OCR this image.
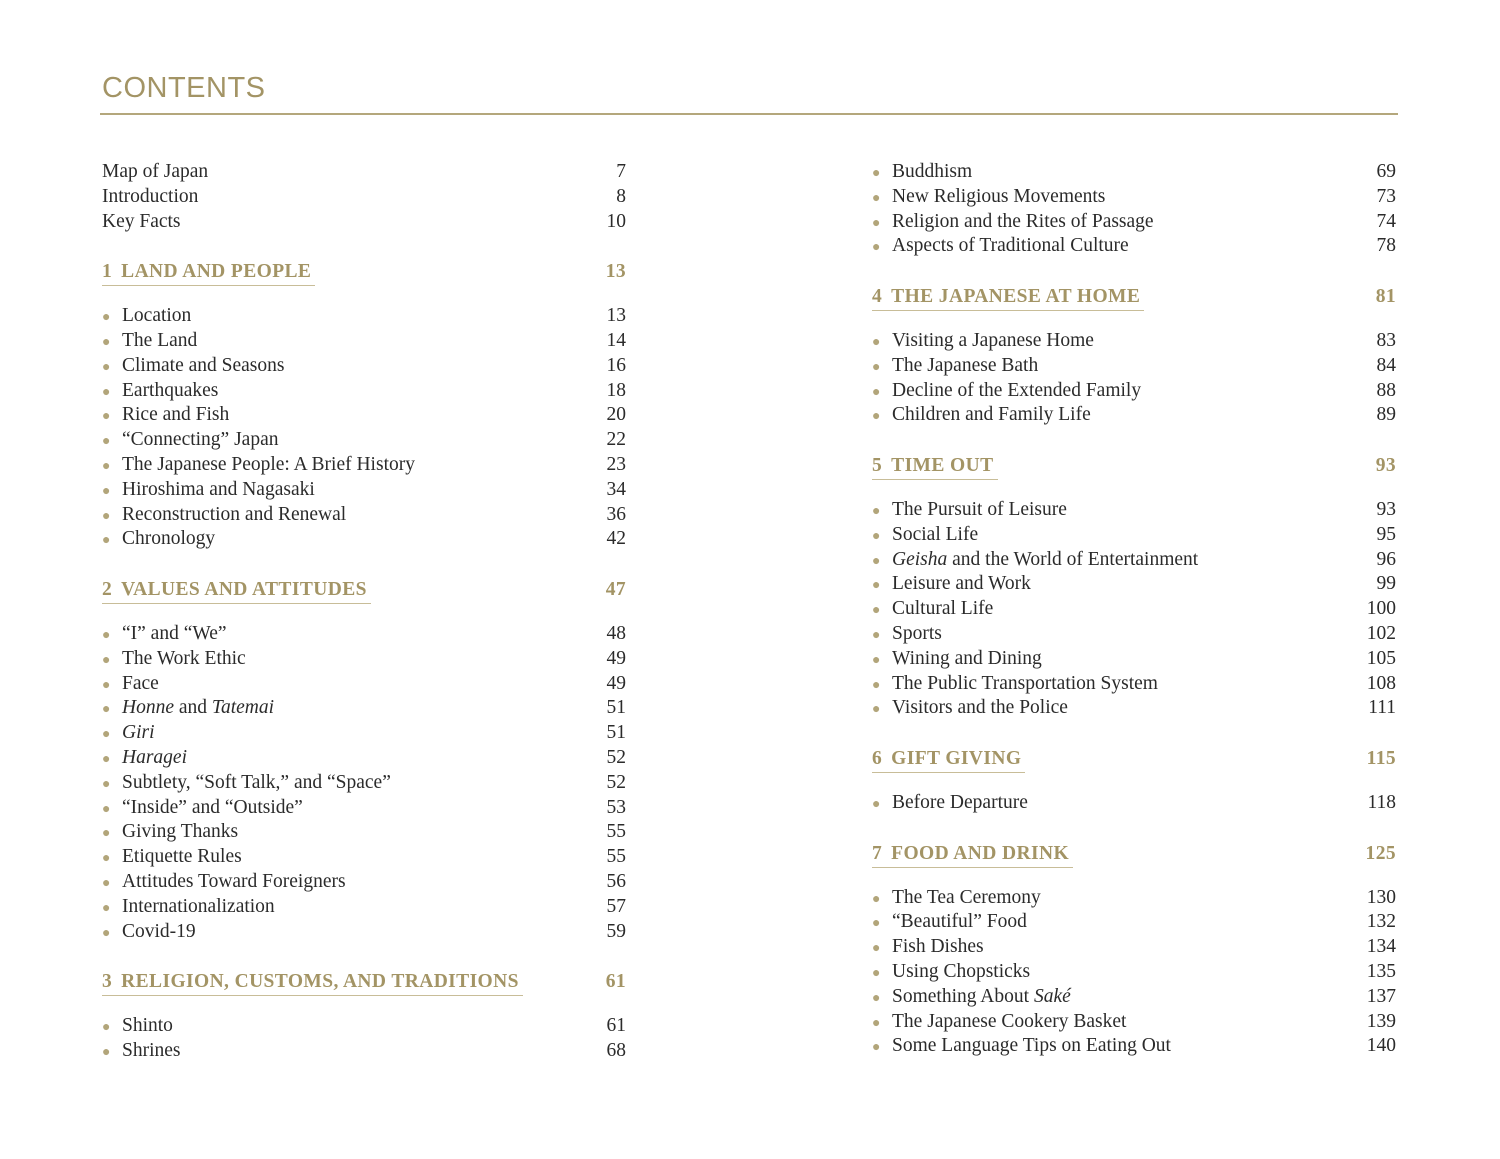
CONTENTS
Map of Japan	7
Introduction	8
Key Facts	10
1 LAND AND PEOPLE	13
● Location	13
● The Land	14
● Climate and Seasons	16
● Earthquakes	18
● Rice and Fish	20
● “Connecting” Japan	22
● The Japanese People: A Brief History	23
● Hiroshima and Nagasaki	34
● Reconstruction and Renewal	36
● Chronology	42
2 VALUES AND ATTITUDES	47
● “I” and “We”	48
● The Work Ethic	49
● Face	49
● Honne and Tatemai	51
● Giri	51
● Haragei	52
● Subtlety, “Soft Talk,” and “Space”	52
● “Inside” and “Outside”	53
● Giving Thanks	55
● Etiquette Rules	55
● Attitudes Toward Foreigners	56
● Internationalization	57
● Covid-19	59
3 RELIGION, CUSTOMS, AND TRADITIONS	61
● Shinto	61
● Shrines	68
● Buddhism	69
● New Religious Movements	73
● Religion and the Rites of Passage	74
● Aspects of Traditional Culture	78
4 THE JAPANESE AT HOME	81
● Visiting a Japanese Home	83
● The Japanese Bath	84
● Decline of the Extended Family	88
● Children and Family Life	89
5 TIME OUT	93
● The Pursuit of Leisure	93
● Social Life	95
● Geisha and the World of Entertainment	96
● Leisure and Work	99
● Cultural Life	100
● Sports	102
● Wining and Dining	105
● The Public Transportation System	108
● Visitors and the Police	111
6 GIFT GIVING	115
● Before Departure	118
7 FOOD AND DRINK	125
● The Tea Ceremony	130
● “Beautiful” Food	132
● Fish Dishes	134
● Using Chopsticks	135
● Something About Saké	137
● The Japanese Cookery Basket	139
● Some Language Tips on Eating Out	140
